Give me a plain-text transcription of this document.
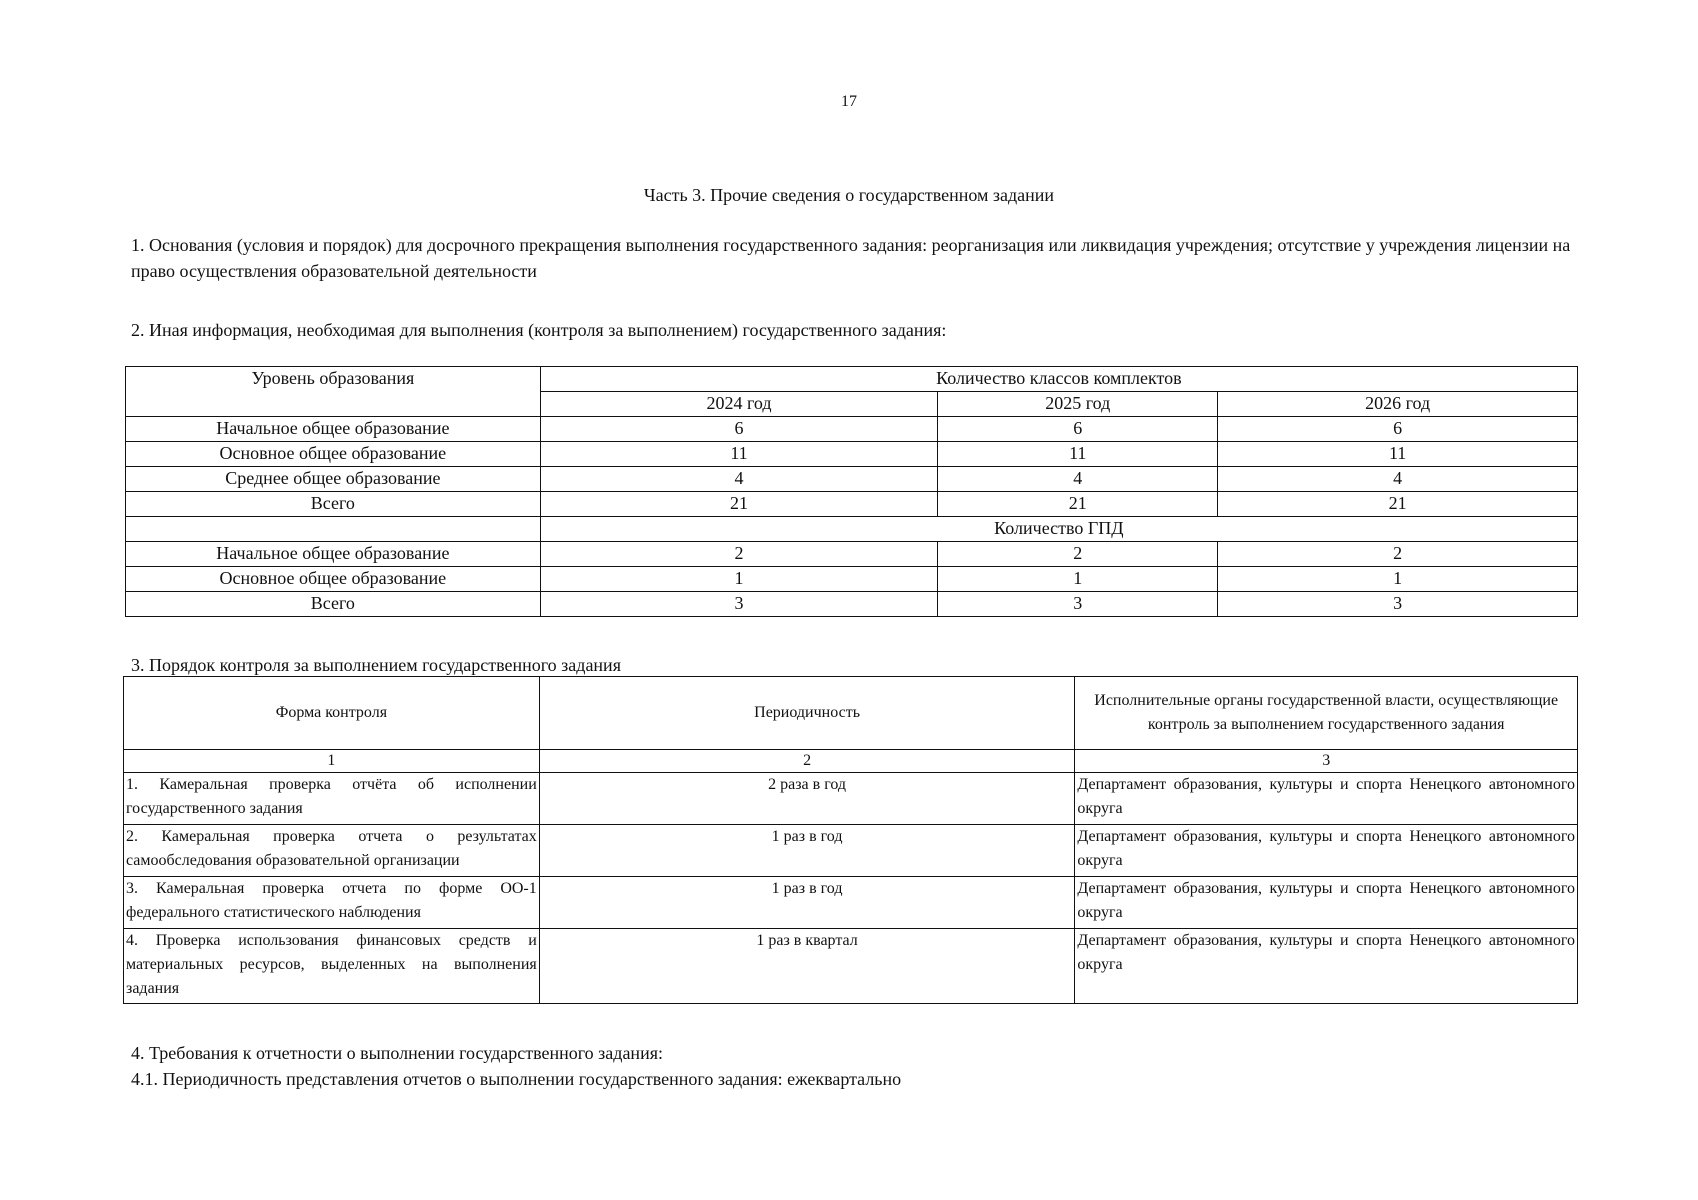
17
Часть 3. Прочие сведения о государственном задании
1. Основания (условия и порядок) для досрочного прекращения выполнения государственного задания: реорганизация или ликвидация учреждения; отсутствие у учреждения лицензии на право осуществления образовательной деятельности
2. Иная информация, необходимая для выполнения (контроля за выполнением) государственного задания:
Уровень образования	Количество классов комплектов		
	2024 год	2025 год	2026 год
Начальное общее образование	6	6	6
Основное общее образование	11	11	11
Среднее общее образование	4	4	4
Всего	21	21	21
	Количество ГПД		
Начальное общее образование	2	2	2
Основное общее образование	1	1	1
Всего	3	3	3
3. Порядок контроля за выполнением государственного задания
Форма контроля	Периодичность	Исполнительные органы государственной власти, осуществляющие контроль за выполнением государственного задания
1	2	3
1. Камеральная проверка отчёта об исполнении государственного задания	2 раза в год	Департамент образования, культуры и спорта Ненецкого автономного округа
2. Камеральная проверка отчета о результатах самообследования образовательной организации	1 раз в год	Департамент образования, культуры и спорта Ненецкого автономного округа
3. Камеральная проверка отчета по форме ОО-1 федерального статистического наблюдения	1 раз в год	Департамент образования, культуры и спорта Ненецкого автономного округа
4. Проверка использования финансовых средств и материальных ресурсов, выделенных на выполнения задания	1 раз в квартал	Департамент образования, культуры и спорта Ненецкого автономного округа
4. Требования к отчетности о выполнении государственного задания:
4.1. Периодичность представления отчетов о выполнении государственного задания: ежеквартально
